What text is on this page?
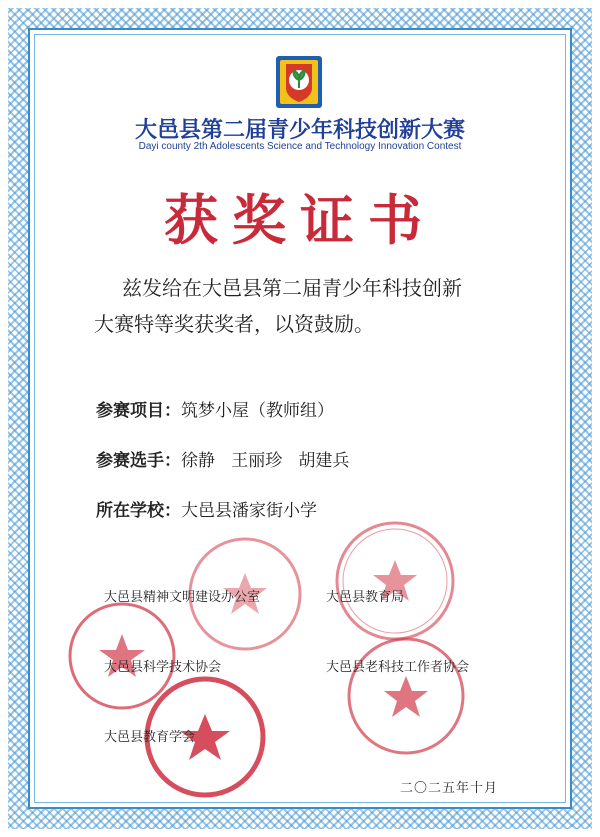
大邑县第二届青少年科技创新大赛
Dayi county 2th Adolescents Science and Technology Innovation Contest
获奖证书

兹发给在大邑县第二届青少年科技创新

大赛特等奖获奖者，以资鼓励。

参赛项目：筑梦小屋（教师组）
参赛选手：徐静   王丽珍   胡建兵
所在学校：大邑县潘家街小学
大邑县精神文明建设办公室	大邑县教育局
大邑县科学技术协会	大邑县老科技工作者协会
大邑县教育学会
二〇二五年十月
